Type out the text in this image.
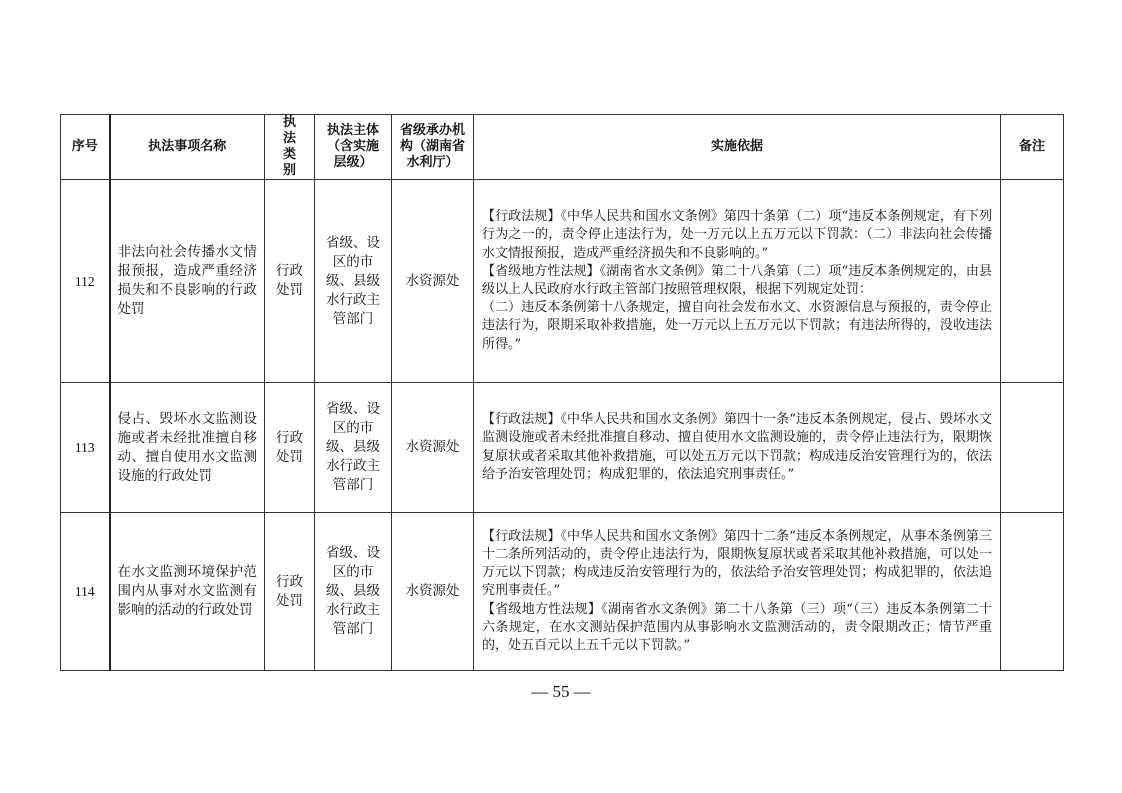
序号	执法事项名称	执法类别	执法主体（含实施层级）	省级承办机构（湖南省水利厅）	实施依据	备注
112	非法向社会传播水文情报预报，造成严重经济损失和不良影响的行政处罚	行政处罚	省级、设区的市级、县级水行政主管部门	水资源处	【行政法规】《中华人民共和国水文条例》第四十条第（二）项“违反本条例规定，有下列行为之一的，责令停止违法行为，处一万元以上五万元以下罚款：（二）非法向社会传播水文情报预报，造成严重经济损失和不良影响的。”

【省级地方性法规】《湖南省水文条例》第二十八条第（二）项“违反本条例规定的，由县级以上人民政府水行政主管部门按照管理权限，根据下列规定处罚：

（二）违反本条例第十八条规定，擅自向社会发布水文、水资源信息与预报的，责令停止违法行为，限期采取补救措施，处一万元以上五万元以下罚款；有违法所得的，没收违法所得。”	

113	侵占、毁坏水文监测设施或者未经批准擅自移动、擅自使用水文监测设施的行政处罚	行政处罚	省级、设区的市级、县级水行政主管部门	水资源处	【行政法规】《中华人民共和国水文条例》第四十一条“违反本条例规定，侵占、毁坏水文监测设施或者未经批准擅自移动、擅自使用水文监测设施的，责令停止违法行为，限期恢复原状或者采取其他补救措施，可以处五万元以下罚款；构成违反治安管理行为的，依法给予治安管理处罚；构成犯罪的，依法追究刑事责任。”	

114	在水文监测环境保护范围内从事对水文监测有影响的活动的行政处罚	行政处罚	省级、设区的市级、县级水行政主管部门	水资源处	【行政法规】《中华人民共和国水文条例》第四十二条“违反本条例规定，从事本条例第三十二条所列活动的，责令停止违法行为，限期恢复原状或者采取其他补救措施，可以处一万元以下罚款；构成违反治安管理行为的，依法给予治安管理处罚；构成犯罪的，依法追究刑事责任。”

【省级地方性法规】《湖南省水文条例》第二十八条第（三）项“（三）违反本条例第二十六条规定，在水文测站保护范围内从事影响水文监测活动的，责令限期改正；情节严重的，处五百元以上五千元以下罚款。”	

— 55 —
